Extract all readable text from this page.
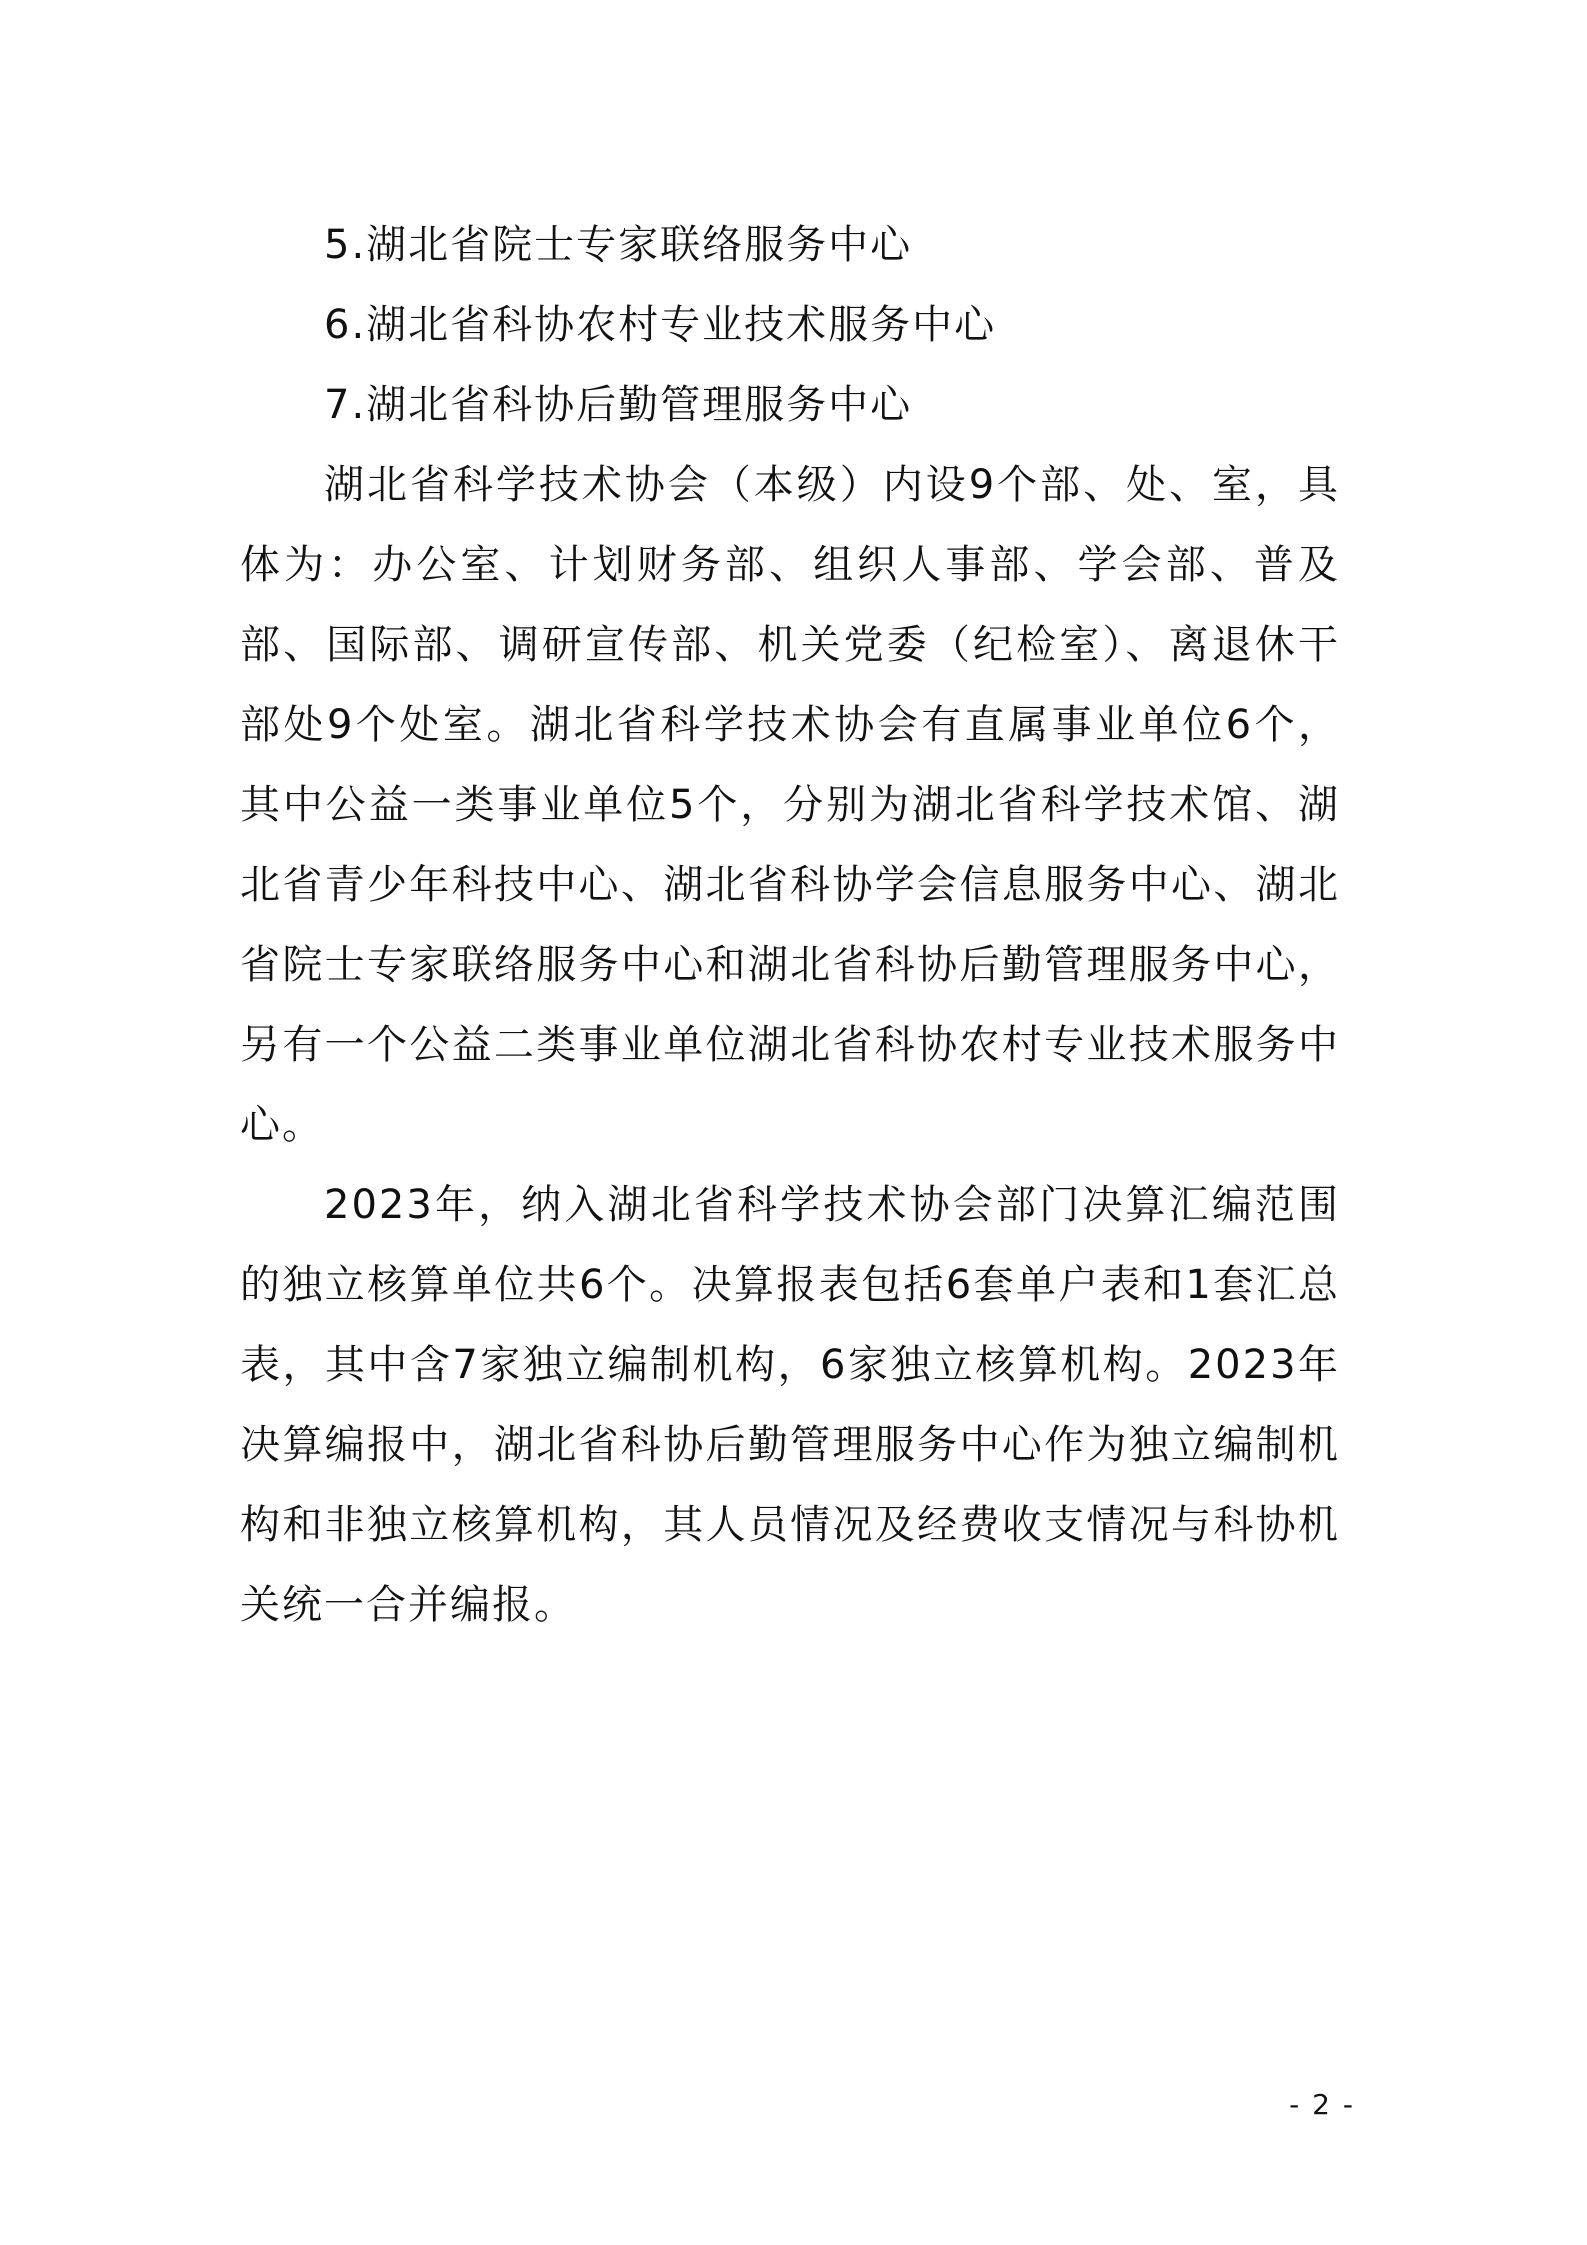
5.湖北省院士专家联络服务中心

6.湖北省科协农村专业技术服务中心

7.湖北省科协后勤管理服务中心

湖北省科学技术协会（本级）内设9个部、处、室，具体为：办公室、计划财务部、组织人事部、学会部、普及部、国际部、调研宣传部、机关党委（纪检室）、离退休干部处9个处室。湖北省科学技术协会有直属事业单位6个，其中公益一类事业单位5个，分别为湖北省科学技术馆、湖北省青少年科技中心、湖北省科协学会信息服务中心、湖北省院士专家联络服务中心和湖北省科协后勤管理服务中心，另有一个公益二类事业单位湖北省科协农村专业技术服务中心。

2023年，纳入湖北省科学技术协会部门决算汇编范围的独立核算单位共6个。决算报表包括6套单户表和1套汇总表，其中含7家独立编制机构，6家独立核算机构。2023年决算编报中，湖北省科协后勤管理服务中心作为独立编制机构和非独立核算机构，其人员情况及经费收支情况与科协机关统一合并编报。

- 2 -
